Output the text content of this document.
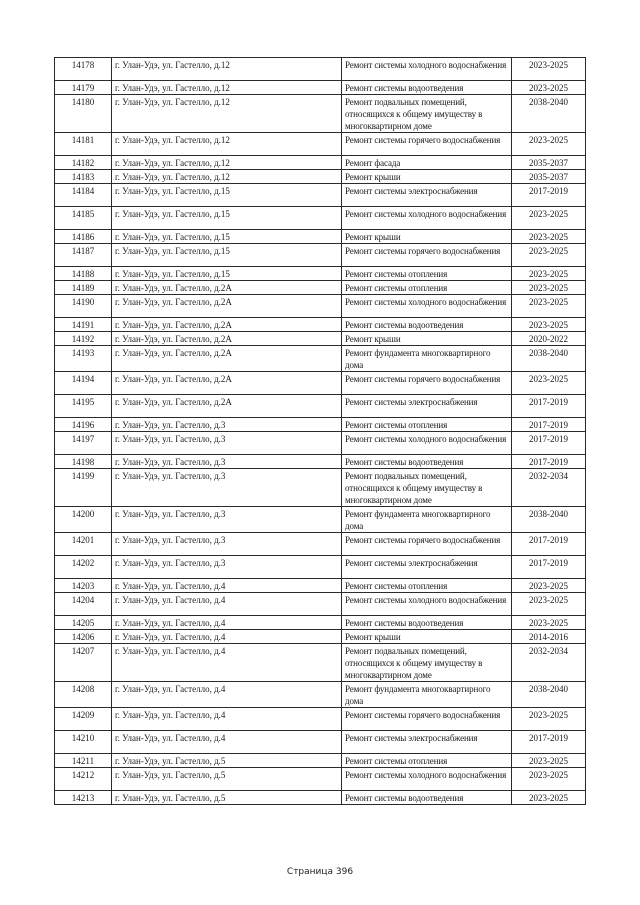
14178	г. Улан-Удэ, ул. Гастелло, д.12	Ремонт системы холодного водоснабжения	2023-2025
14179	г. Улан-Удэ, ул. Гастелло, д.12	Ремонт системы водоотведения	2023-2025
14180	г. Улан-Удэ, ул. Гастелло, д.12	Ремонт подвальных помещений, относящихся к общему имуществу в многоквартирном доме	2038-2040
14181	г. Улан-Удэ, ул. Гастелло, д.12	Ремонт системы горячего водоснабжения	2023-2025
14182	г. Улан-Удэ, ул. Гастелло, д.12	Ремонт фасада	2035-2037
14183	г. Улан-Удэ, ул. Гастелло, д.12	Ремонт крыши	2035-2037
14184	г. Улан-Удэ, ул. Гастелло, д.15	Ремонт системы электроснабжения	2017-2019
14185	г. Улан-Удэ, ул. Гастелло, д.15	Ремонт системы холодного водоснабжения	2023-2025
14186	г. Улан-Удэ, ул. Гастелло, д.15	Ремонт крыши	2023-2025
14187	г. Улан-Удэ, ул. Гастелло, д.15	Ремонт системы горячего водоснабжения	2023-2025
14188	г. Улан-Удэ, ул. Гастелло, д.15	Ремонт системы отопления	2023-2025
14189	г. Улан-Удэ, ул. Гастелло, д.2А	Ремонт системы отопления	2023-2025
14190	г. Улан-Удэ, ул. Гастелло, д.2А	Ремонт системы холодного водоснабжения	2023-2025
14191	г. Улан-Удэ, ул. Гастелло, д.2А	Ремонт системы водоотведения	2023-2025
14192	г. Улан-Удэ, ул. Гастелло, д.2А	Ремонт крыши	2020-2022
14193	г. Улан-Удэ, ул. Гастелло, д.2А	Ремонт фундамента многоквартирного дома	2038-2040
14194	г. Улан-Удэ, ул. Гастелло, д.2А	Ремонт системы горячего водоснабжения	2023-2025
14195	г. Улан-Удэ, ул. Гастелло, д.2А	Ремонт системы электроснабжения	2017-2019
14196	г. Улан-Удэ, ул. Гастелло, д.3	Ремонт системы отопления	2017-2019
14197	г. Улан-Удэ, ул. Гастелло, д.3	Ремонт системы холодного водоснабжения	2017-2019
14198	г. Улан-Удэ, ул. Гастелло, д.3	Ремонт системы водоотведения	2017-2019
14199	г. Улан-Удэ, ул. Гастелло, д.3	Ремонт подвальных помещений, относящихся к общему имуществу в многоквартирном доме	2032-2034
14200	г. Улан-Удэ, ул. Гастелло, д.3	Ремонт фундамента многоквартирного дома	2038-2040
14201	г. Улан-Удэ, ул. Гастелло, д.3	Ремонт системы горячего водоснабжения	2017-2019
14202	г. Улан-Удэ, ул. Гастелло, д.3	Ремонт системы электроснабжения	2017-2019
14203	г. Улан-Удэ, ул. Гастелло, д.4	Ремонт системы отопления	2023-2025
14204	г. Улан-Удэ, ул. Гастелло, д.4	Ремонт системы холодного водоснабжения	2023-2025
14205	г. Улан-Удэ, ул. Гастелло, д.4	Ремонт системы водоотведения	2023-2025
14206	г. Улан-Удэ, ул. Гастелло, д.4	Ремонт крыши	2014-2016
14207	г. Улан-Удэ, ул. Гастелло, д.4	Ремонт подвальных помещений, относящихся к общему имуществу в многоквартирном доме	2032-2034
14208	г. Улан-Удэ, ул. Гастелло, д.4	Ремонт фундамента многоквартирного дома	2038-2040
14209	г. Улан-Удэ, ул. Гастелло, д.4	Ремонт системы горячего водоснабжения	2023-2025
14210	г. Улан-Удэ, ул. Гастелло, д.4	Ремонт системы электроснабжения	2017-2019
14211	г. Улан-Удэ, ул. Гастелло, д.5	Ремонт системы отопления	2023-2025
14212	г. Улан-Удэ, ул. Гастелло, д.5	Ремонт системы холодного водоснабжения	2023-2025
14213	г. Улан-Удэ, ул. Гастелло, д.5	Ремонт системы водоотведения	2023-2025
Страница 396
